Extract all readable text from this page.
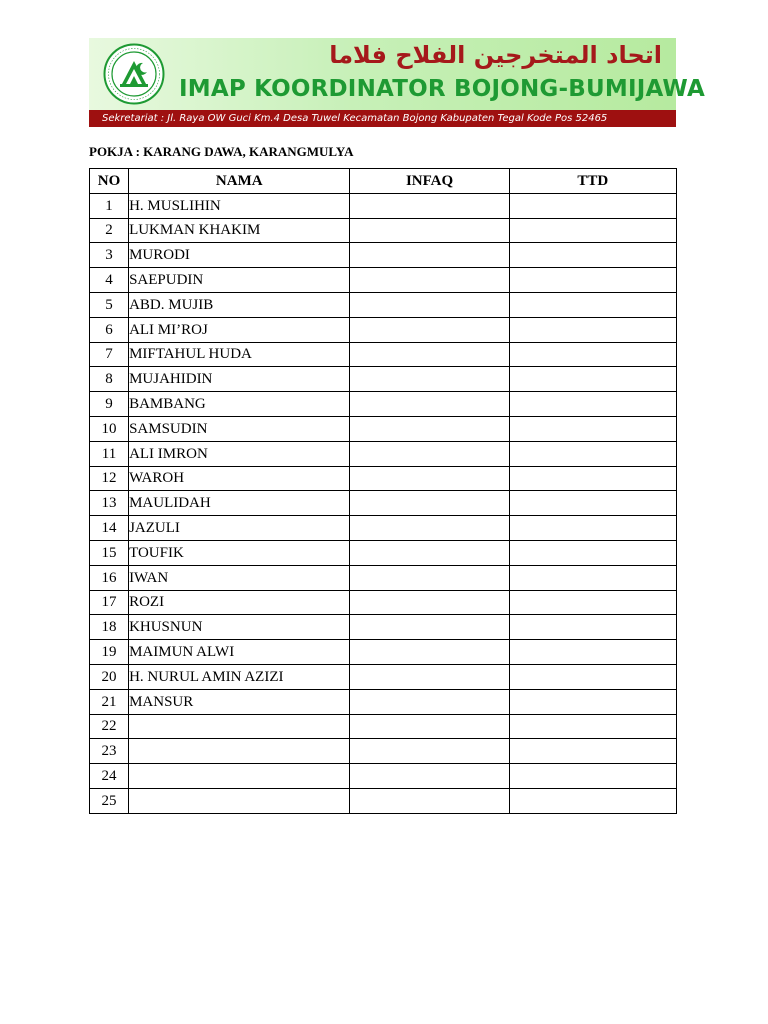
اتحاد المتخرجين الفلاح فلاما
IMAP KOORDINATOR BOJONG-BUMIJAWA
Sekretariat : Jl. Raya OW Guci Km.4 Desa Tuwel Kecamatan Bojong Kabupaten Tegal Kode Pos 52465
POKJA : KARANG DAWA, KARANGMULYA
NO	NAMA	INFAQ	TTD
1	H. MUSLIHIN		
2	LUKMAN KHAKIM		
3	MURODI		
4	SAEPUDIN		
5	ABD. MUJIB		
6	ALI MI’ROJ		
7	MIFTAHUL HUDA		
8	MUJAHIDIN		
9	BAMBANG		
10	SAMSUDIN		
11	ALI IMRON		
12	WAROH		
13	MAULIDAH		
14	JAZULI		
15	TOUFIK		
16	IWAN		
17	ROZI		
18	KHUSNUN		
19	MAIMUN ALWI		
20	H. NURUL AMIN AZIZI		
21	MANSUR		
22			
23			
24			
25			
